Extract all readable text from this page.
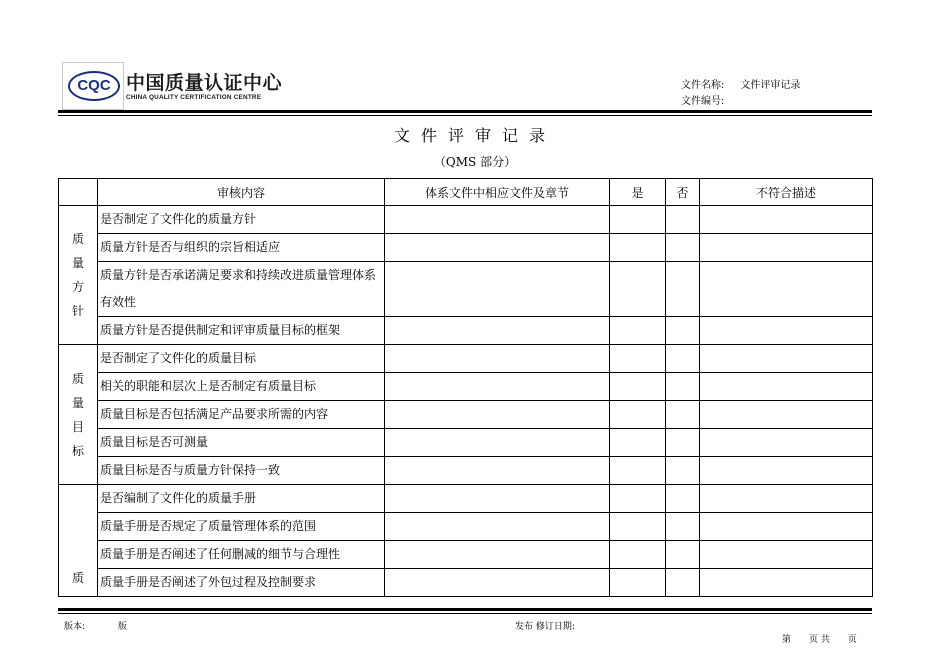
CQC 中国质量认证中心
CHINA QUALITY CERTIFICATION CENTRE
文件名称: 文件评审记录
文件编号:
文件评审记录
（QMS 部分）
	审核内容	体系文件中相应文件及章节	是	否	不符合描述

质量方针	是否制定了文件化的质量方针				
	质量方针是否与组织的宗旨相适应				
	质量方针是否承诺满足要求和持续改进质量管理体系有效性				
	质量方针是否提供制定和评审质量目标的框架				

质量目标	是否制定了文件化的质量目标				
	相关的职能和层次上是否制定有质量目标				
	质量目标是否包括满足产品要求所需的内容				
	质量目标是否可测量				
	质量目标是否与质量方针保持一致				

质	是否编制了文件化的质量手册				
	质量手册是否规定了质量管理体系的范围				
	质量手册是否阐述了任何删减的细节与合理性				
	质量手册是否阐述了外包过程及控制要求				
版本:	版	发布 修订日期:
第　　页 共　　页
